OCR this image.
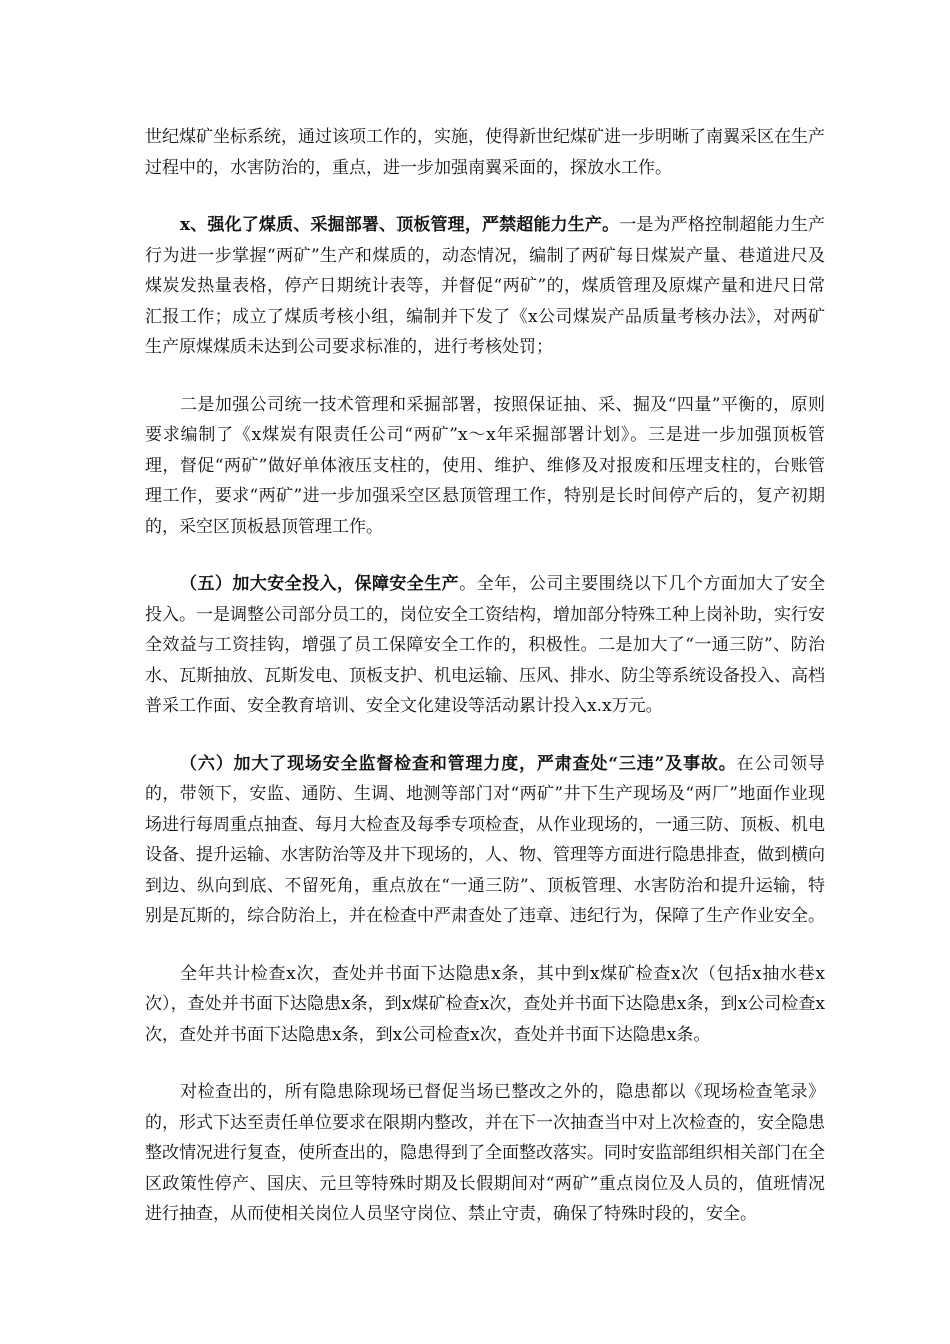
世纪煤矿坐标系统，通过该项工作的，实施，使得新世纪煤矿进一步明晰了南翼采区在生产过程中的，水害防治的，重点，进一步加强南翼采面的，探放水工作。

x、强化了煤质、采掘部署、顶板管理，严禁超能力生产。一是为严格控制超能力生产行为进一步掌握“两矿”生产和煤质的，动态情况，编制了两矿每日煤炭产量、巷道进尺及煤炭发热量表格，停产日期统计表等，并督促“两矿”的，煤质管理及原煤产量和进尺日常汇报工作；成立了煤质考核小组，编制并下发了《x公司煤炭产品质量考核办法》，对两矿生产原煤煤质未达到公司要求标准的，进行考核处罚；

二是加强公司统一技术管理和采掘部署，按照保证抽、采、掘及“四量”平衡的，原则要求编制了《x煤炭有限责任公司“两矿”x～x年采掘部署计划》。三是进一步加强顶板管理，督促“两矿”做好单体液压支柱的，使用、维护、维修及对报废和压埋支柱的，台账管理工作，要求“两矿”进一步加强采空区悬顶管理工作，特别是长时间停产后的，复产初期的，采空区顶板悬顶管理工作。

（五）加大安全投入，保障安全生产。全年，公司主要围绕以下几个方面加大了安全投入。一是调整公司部分员工的，岗位安全工资结构，增加部分特殊工种上岗补助，实行安全效益与工资挂钩，增强了员工保障安全工作的，积极性。二是加大了“一通三防”、防治水、瓦斯抽放、瓦斯发电、顶板支护、机电运输、压风、排水、防尘等系统设备投入、高档普采工作面、安全教育培训、安全文化建设等活动累计投入x.x万元。

（六）加大了现场安全监督检查和管理力度，严肃查处“三违”及事故。在公司领导的，带领下，安监、通防、生调、地测等部门对“两矿”井下生产现场及“两厂”地面作业现场进行每周重点抽查、每月大检查及每季专项检查，从作业现场的，一通三防、顶板、机电设备、提升运输、水害防治等及井下现场的，人、物、管理等方面进行隐患排查，做到横向到边、纵向到底、不留死角，重点放在“一通三防”、顶板管理、水害防治和提升运输，特别是瓦斯的，综合防治上，并在检查中严肃查处了违章、违纪行为，保障了生产作业安全。

全年共计检查x次，查处并书面下达隐患x条，其中到x煤矿检查x次（包括x抽水巷x次），查处并书面下达隐患x条，到x煤矿检查x次，查处并书面下达隐患x条，到x公司检查x次，查处并书面下达隐患x条，到x公司检查x次，查处并书面下达隐患x条。

对检查出的，所有隐患除现场已督促当场已整改之外的，隐患都以《现场检查笔录》的，形式下达至责任单位要求在限期内整改，并在下一次抽查当中对上次检查的，安全隐患整改情况进行复查，使所查出的，隐患得到了全面整改落实。同时安监部组织相关部门在全区政策性停产、国庆、元旦等特殊时期及长假期间对“两矿”重点岗位及人员的，值班情况进行抽查，从而使相关岗位人员坚守岗位、禁止守责，确保了特殊时段的，安全。
